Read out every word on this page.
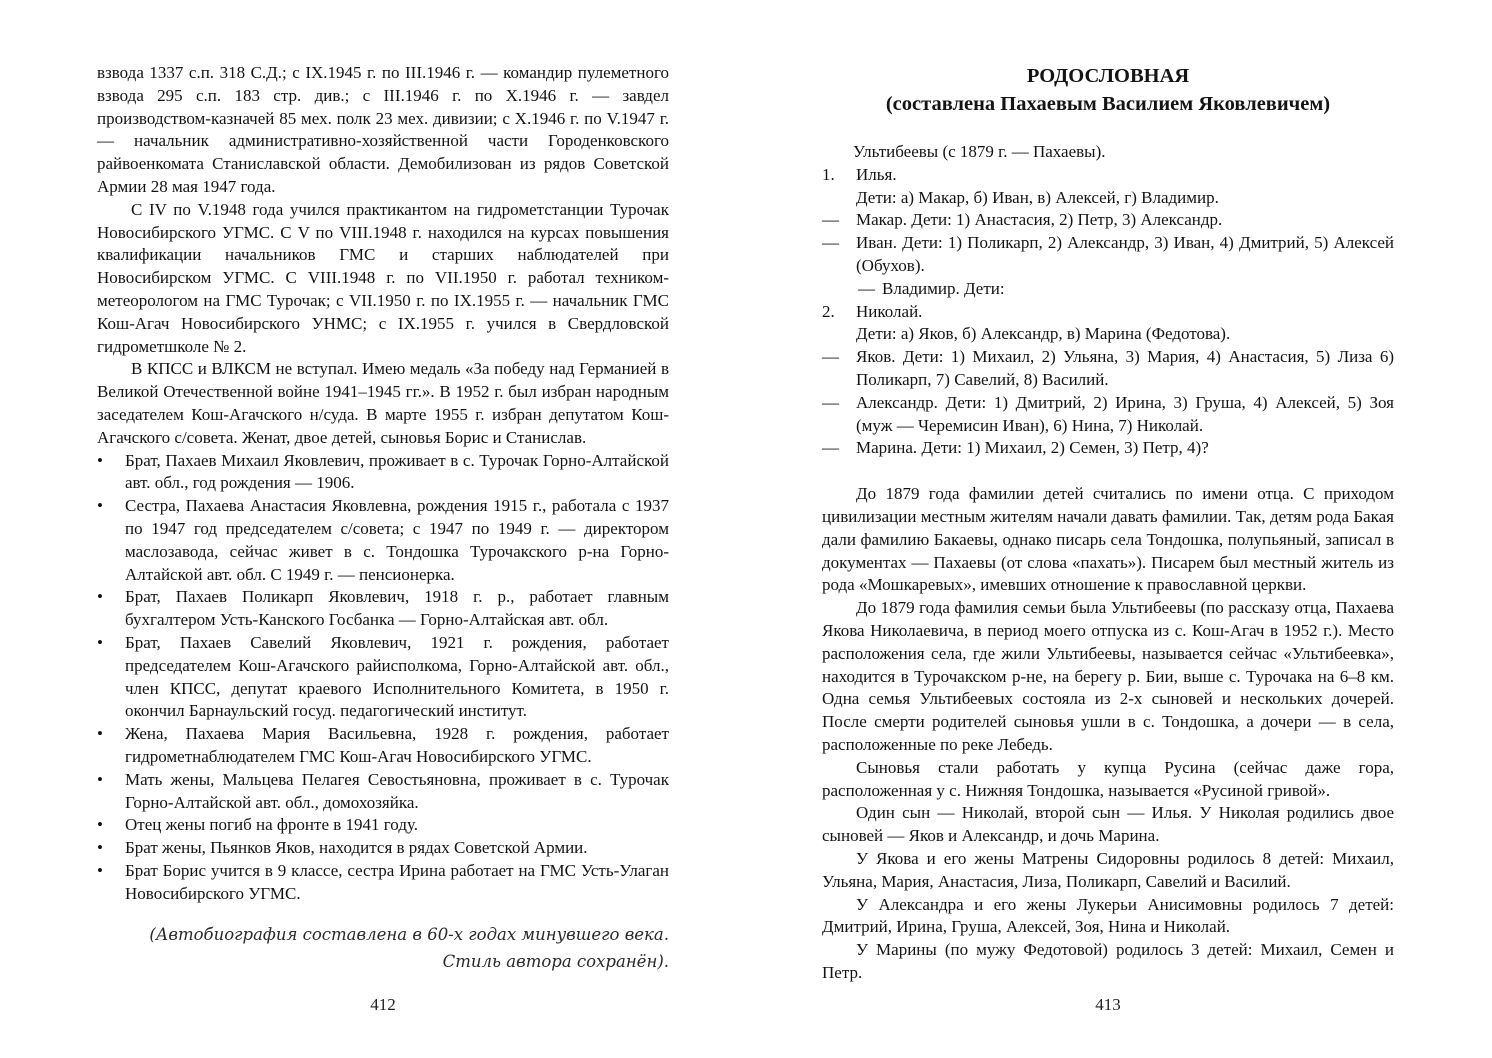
взвода 1337 с.п. 318 С.Д.; с IX.1945 г. по III.1946 г. — командир пулеметного взвода 295 с.п. 183 стр. див.; с III.1946 г. по X.1946 г. — завдел производством-казначей 85 мех. полк 23 мех. дивизии; с X.1946 г. по V.1947 г. — начальник административно-хозяйственной части Городенковского райвоенкомата Станиславской области. Демобилизован из рядов Советской Армии 28 мая 1947 года.

С IV по V.1948 года учился практикантом на гидрометстанции Турочак Новосибирского УГМС. С V по VIII.1948 г. находился на курсах повышения квалификации начальников ГМС и старших наблюдателей при Новосибирском УГМС. С VIII.1948 г. по VII.1950 г. работал техником-метеорологом на ГМС Турочак; с VII.1950 г. по IX.1955 г. — начальник ГМС Кош-Агач Новосибирского УНМС; с IX.1955 г. учился в Свердловской гидрометшколе № 2.

В КПСС и ВЛКСМ не вступал. Имею медаль «За победу над Германией в Великой Отечественной войне 1941–1945 гг.». В 1952 г. был избран народным заседателем Кош-Агачского н/суда. В марте 1955 г. избран депутатом Кош-Агачского с/совета. Женат, двое детей, сыновья Борис и Станислав.

•	Брат, Пахаев Михаил Яковлевич, проживает в с. Турочак Горно-Алтайской авт. обл., год рождения — 1906.
•	Сестра, Пахаева Анастасия Яковлевна, рождения 1915 г., работала с 1937 по 1947 год председателем с/совета; с 1947 по 1949 г. — директором маслозавода, сейчас живет в с. Тондошка Турочакского р-на Горно-Алтайской авт. обл. С 1949 г. — пенсионерка.
•	Брат, Пахаев Поликарп Яковлевич, 1918 г. р., работает главным бухгалтером Усть-Канского Госбанка — Горно-Алтайская авт. обл.
•	Брат, Пахаев Савелий Яковлевич, 1921 г. рождения, работает председателем Кош-Агачского райисполкома, Горно-Алтайской авт. обл., член КПСС, депутат краевого Исполнительного Комитета, в 1950 г. окончил Барнаульский госуд. педагогический институт.
•	Жена, Пахаева Мария Васильевна, 1928 г. рождения, работает гидрометнаблюдателем ГМС Кош-Агач Новосибирского УГМС.
•	Мать жены, Мальцева Пелагея Севостьяновна, проживает в с. Турочак Горно-Алтайской авт. обл., домохозяйка.
•	Отец жены погиб на фронте в 1941 году.
•	Брат жены, Пьянков Яков, находится в рядах Советской Армии.
•	Брат Борис учится в 9 классе, сестра Ирина работает на ГМС Усть-Улаган Новосибирского УГМС.
(Автобиография составлена в 60-х годах минувшего века.
Стиль автора сохранён).
412
РОДОСЛОВНАЯ
(составлена Пахаевым Василием Яковлевичем)

Ультибеевы (с 1879 г. — Пахаевы).

1.	Илья.
Дети: а) Макар, б) Иван, в) Алексей, г) Владимир.
—	Макар. Дети: 1) Анастасия, 2) Петр, 3) Александр.
—	Иван. Дети: 1) Поликарп, 2) Александр, 3) Иван, 4) Дмитрий, 5) Алексей (Обухов).
— Владимир. Дети:
2.	Николай.
Дети: а) Яков, б) Александр, в) Марина (Федотова).
—	Яков. Дети: 1) Михаил, 2) Ульяна, 3) Мария, 4) Анастасия, 5) Лиза 6) Поликарп, 7) Савелий, 8) Василий.
—	Александр. Дети: 1) Дмитрий, 2) Ирина, 3) Груша, 4) Алексей, 5) Зоя (муж — Черемисин Иван), 6) Нина, 7) Николай.
—	Марина. Дети: 1) Михаил, 2) Семен, 3) Петр, 4)?

До 1879 года фамилии детей считались по имени отца. С приходом цивилизации местным жителям начали давать фамилии. Так, детям рода Бакая дали фамилию Бакаевы, однако писарь села Тондошка, полупьяный, записал в документах — Пахаевы (от слова «пахать»). Писарем был местный житель из рода «Мошкаревых», имевших отношение к православной церкви.

До 1879 года фамилия семьи была Ультибеевы (по рассказу отца, Пахаева Якова Николаевича, в период моего отпуска из с. Кош-Агач в 1952 г.). Место расположения села, где жили Ультибеевы, называется сейчас «Ультибеевка», находится в Турочакском р-не, на берегу р. Бии, выше с. Турочака на 6–8 км. Одна семья Ультибеевых состояла из 2-х сыновей и нескольких дочерей. После смерти родителей сыновья ушли в с. Тондошка, а дочери — в села, расположенные по реке Лебедь.

Сыновья стали работать у купца Русина (сейчас даже гора, расположенная у с. Нижняя Тондошка, называется «Русиной гривой».

Один сын — Николай, второй сын — Илья. У Николая родились двое сыновей — Яков и Александр, и дочь Марина.

У Якова и его жены Матрены Сидоровны родилось 8 детей: Михаил, Ульяна, Мария, Анастасия, Лиза, Поликарп, Савелий и Василий.

У Александра и его жены Лукерьи Анисимовны родилось 7 детей: Дмитрий, Ирина, Груша, Алексей, Зоя, Нина и Николай.

У Марины (по мужу Федотовой) родилось 3 детей: Михаил, Семен и Петр.

413
